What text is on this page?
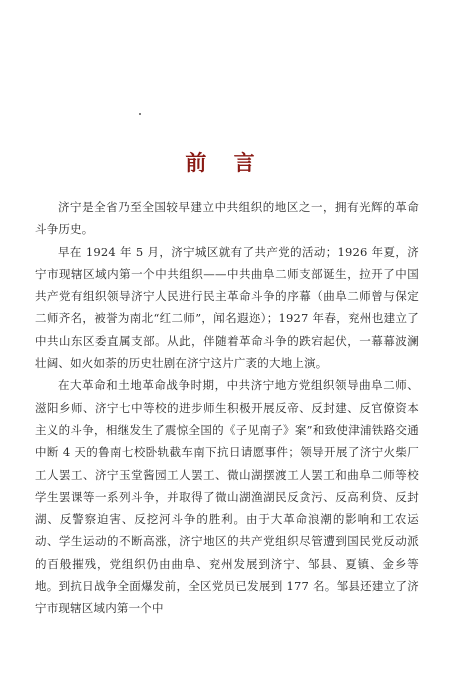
前 言

济宁是全省乃至全国较早建立中共组织的地区之一，拥有光辉的革命斗争历史。

早在 1924 年 5 月，济宁城区就有了共产党的活动；1926 年夏，济宁市现辖区域内第一个中共组织——中共曲阜二师支部诞生，拉开了中国共产党有组织领导济宁人民进行民主革命斗争的序幕（曲阜二师曾与保定二师齐名，被誉为南北“红二师”，闻名遐迩）；1927 年春，兖州也建立了中共山东区委直属支部。从此，伴随着革命斗争的跌宕起伏，一幕幕波澜壮阔、如火如荼的历史壮剧在济宁这片广袤的大地上演。

在大革命和土地革命战争时期，中共济宁地方党组织领导曲阜二师、滋阳乡师、济宁七中等校的进步师生积极开展反帝、反封建、反官僚资本主义的斗争，相继发生了震惊全国的《子见南子》案”和致使津浦铁路交通中断 4 天的鲁南七校卧轨截车南下抗日请愿事件；领导开展了济宁火柴厂工人罢工、济宁玉堂酱园工人罢工、微山湖摆渡工人罢工和曲阜二师等校学生罢课等一系列斗争，并取得了微山湖渔湖民反贪污、反高利贷、反封湖、反警察迫害、反挖河斗争的胜利。由于大革命浪潮的影响和工农运动、学生运动的不断高涨，济宁地区的共产党组织尽管遭到国民党反动派的百般摧残，党组织仍由曲阜、兖州发展到济宁、邹县、夏镇、金乡等地。到抗日战争全面爆发前，全区党员已发展到 177 名。邹县还建立了济宁市现辖区域内第一个中
